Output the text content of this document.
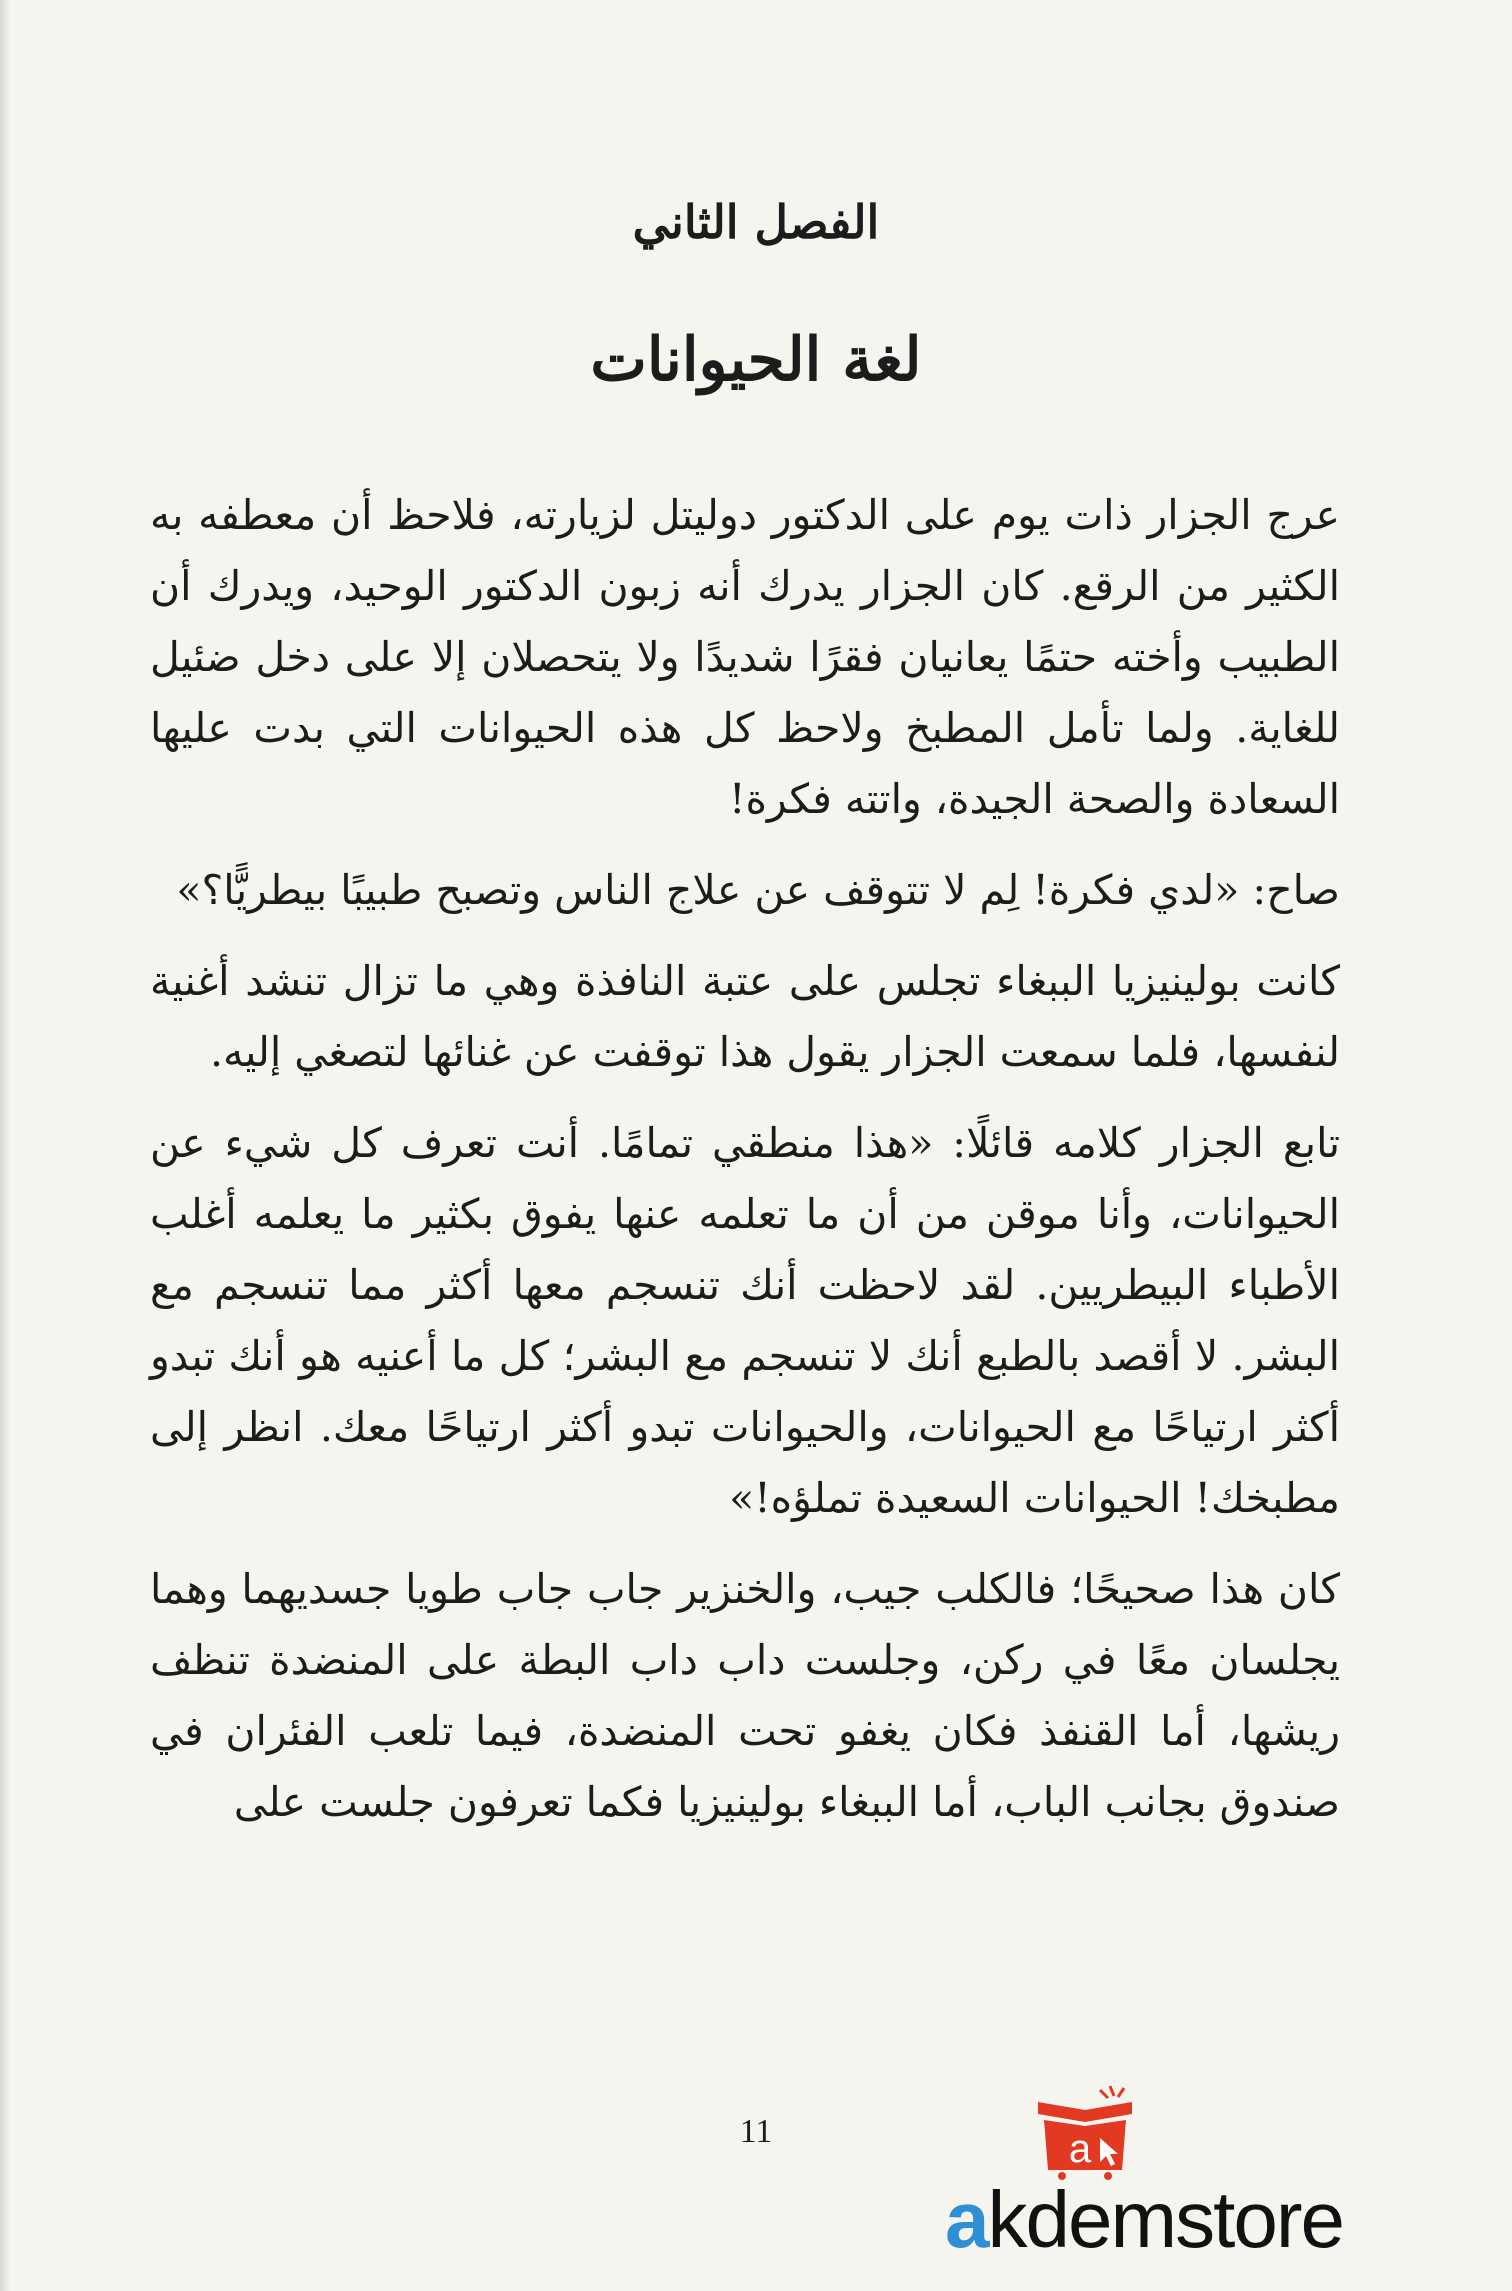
الفصل الثاني
لغة الحيوانات

عرج الجزار ذات يوم على الدكتور دوليتل لزيارته، فلاحظ أن معطفه به الكثير من الرقع. كان الجزار يدرك أنه زبون الدكتور الوحيد، ويدرك أن الطبيب وأخته حتمًا يعانيان فقرًا شديدًا ولا يتحصلان إلا على دخل ضئيل للغاية. ولما تأمل المطبخ ولاحظ كل هذه الحيوانات التي بدت عليها السعادة والصحة الجيدة، واتته فكرة!

صاح: «لدي فكرة! لِم لا تتوقف عن علاج الناس وتصبح طبيبًا بيطريًّا؟»

كانت بولينيزيا الببغاء تجلس على عتبة النافذة وهي ما تزال تنشد أغنية لنفسها، فلما سمعت الجزار يقول هذا توقفت عن غنائها لتصغي إليه.

تابع الجزار كلامه قائلًا: «هذا منطقي تمامًا. أنت تعرف كل شيء عن الحيوانات، وأنا موقن من أن ما تعلمه عنها يفوق بكثير ما يعلمه أغلب الأطباء البيطريين. لقد لاحظت أنك تنسجم معها أكثر مما تنسجم مع البشر. لا أقصد بالطبع أنك لا تنسجم مع البشر؛ كل ما أعنيه هو أنك تبدو أكثر ارتياحًا مع الحيوانات، والحيوانات تبدو أكثر ارتياحًا معك. انظر إلى مطبخك! الحيوانات السعيدة تملؤه!»

كان هذا صحيحًا؛ فالكلب جيب، والخنزير جاب جاب طويا جسديهما وهما يجلسان معًا في ركن، وجلست داب داب البطة على المنضدة تنظف ريشها، أما القنفذ فكان يغفو تحت المنضدة، فيما تلعب الفئران في صندوق بجانب الباب، أما الببغاء بولينيزيا فكما تعرفون جلست على

11	a
akdemstore
